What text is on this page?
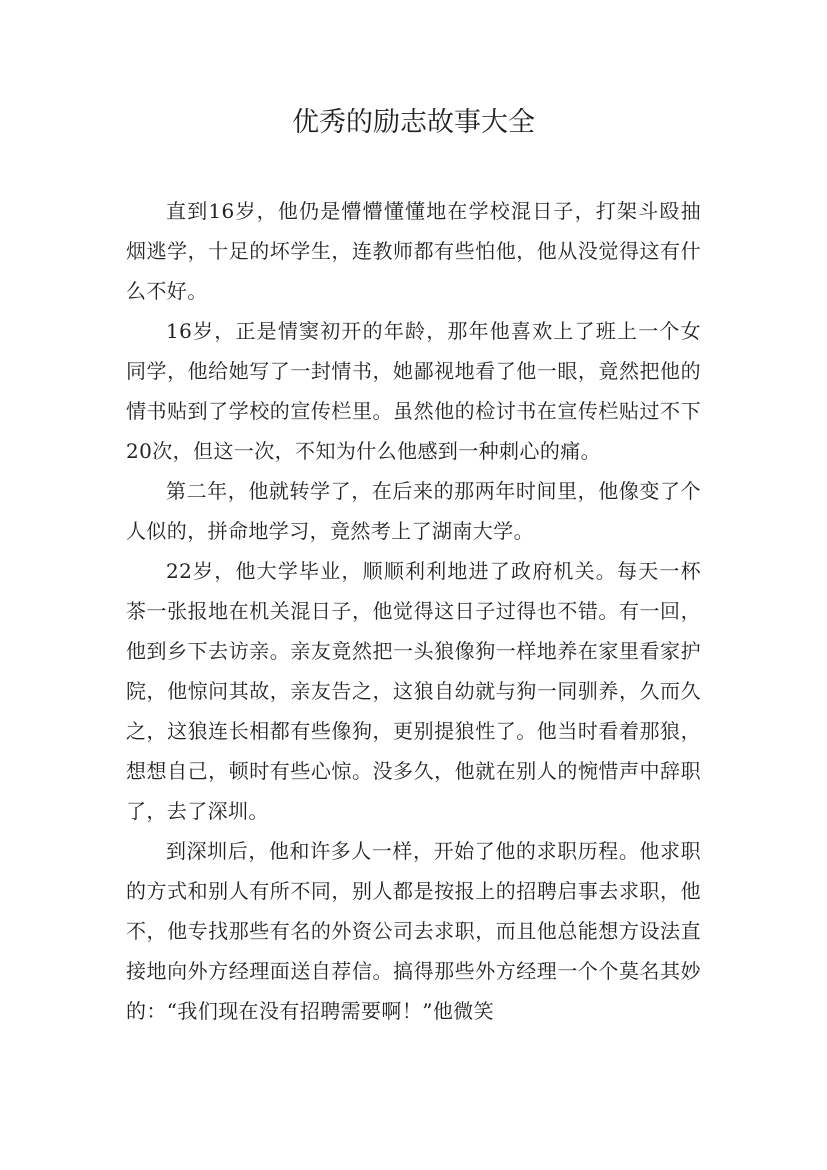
优秀的励志故事大全

直到16岁，他仍是懵懵懂懂地在学校混日子，打架斗殴抽烟逃学，十足的坏学生，连教师都有些怕他，他从没觉得这有什么不好。

16岁，正是情窦初开的年龄，那年他喜欢上了班上一个女同学，他给她写了一封情书，她鄙视地看了他一眼，竟然把他的情书贴到了学校的宣传栏里。虽然他的检讨书在宣传栏贴过不下20次，但这一次，不知为什么他感到一种刺心的痛。

第二年，他就转学了，在后来的那两年时间里，他像变了个人似的，拼命地学习，竟然考上了湖南大学。

22岁，他大学毕业，顺顺利利地进了政府机关。每天一杯茶一张报地在机关混日子，他觉得这日子过得也不错。有一回，他到乡下去访亲。亲友竟然把一头狼像狗一样地养在家里看家护院，他惊问其故，亲友告之，这狼自幼就与狗一同驯养，久而久之，这狼连长相都有些像狗，更别提狼性了。他当时看着那狼，想想自己，顿时有些心惊。没多久，他就在别人的惋惜声中辞职了，去了深圳。

到深圳后，他和许多人一样，开始了他的求职历程。他求职的方式和别人有所不同，别人都是按报上的招聘启事去求职，他不，他专找那些有名的外资公司去求职，而且他总能想方设法直接地向外方经理面送自荐信。搞得那些外方经理一个个莫名其妙的：“我们现在没有招聘需要啊！”他微笑
